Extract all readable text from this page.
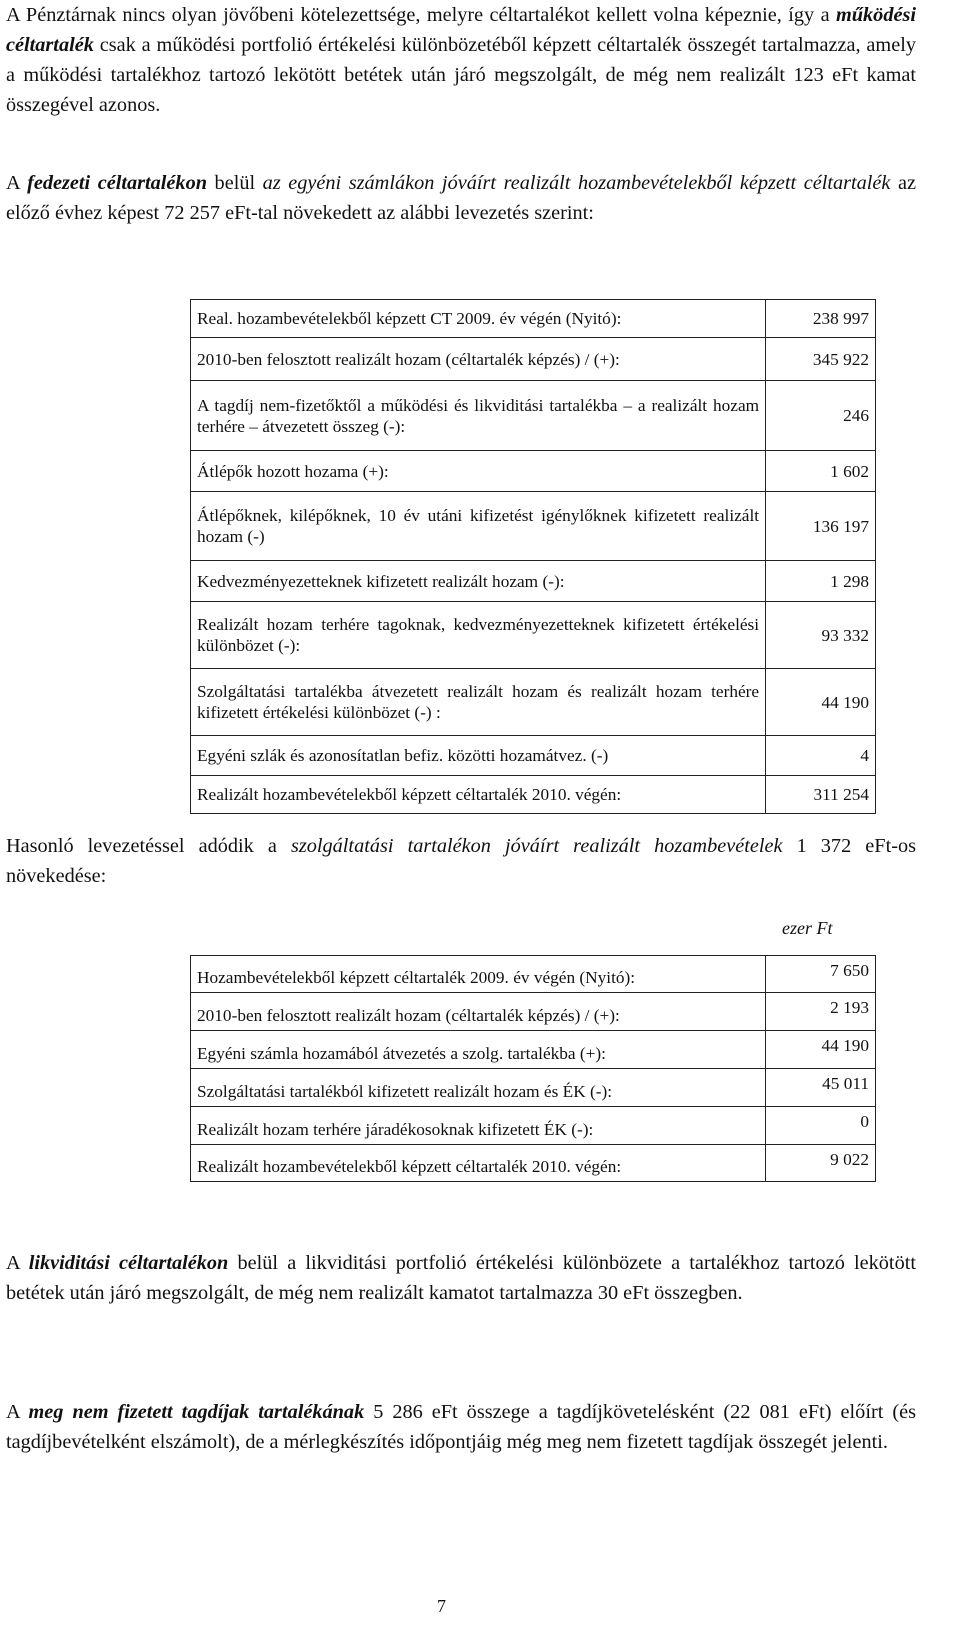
A Pénztárnak nincs olyan jövőbeni kötelezettsége, melyre céltartalékot kellett volna képeznie, így a működési céltartalék csak a működési portfolió értékelési különbözetéből képzett céltartalék összegét tartalmazza, amely a működési tartalékhoz tartozó lekötött betétek után járó megszolgált, de még nem realizált 123 eFt kamat összegével azonos.

A fedezeti céltartalékon belül az egyéni számlákon jóváírt realizált hozambevételekből képzett céltartalék az előző évhez képest 72 257 eFt-tal növekedett az alábbi levezetés szerint:

Real. hozambevételekből képzett CT 2009. év végén (Nyitó):	238 997
2010-ben felosztott realizált hozam (céltartalék képzés) / (+):	345 922
A tagdíj nem-fizetőktől a működési és likviditási tartalékba – a realizált hozam terhére – átvezetett összeg (-):	246
Átlépők hozott hozama (+):	1 602
Átlépőknek, kilépőknek, 10 év utáni kifizetést igénylőknek kifizetett realizált hozam (-)	136 197
Kedvezményezetteknek kifizetett realizált hozam (-):	1 298
Realizált hozam terhére tagoknak, kedvezményezetteknek kifizetett értékelési különbözet (-):	93 332
Szolgáltatási tartalékba átvezetett realizált hozam és realizált hozam terhére kifizetett értékelési különbözet (-) :	44 190
Egyéni szlák és azonosítatlan befiz. közötti hozamátvez. (-)	4
Realizált hozambevételekből képzett céltartalék 2010. végén:	311 254

Hasonló levezetéssel adódik a szolgáltatási tartalékon jóváírt realizált hozambevételek 1 372 eFt-os növekedése:

ezer Ft
Hozambevételekből képzett céltartalék 2009. év végén (Nyitó):	7 650
2010-ben felosztott realizált hozam (céltartalék képzés) / (+):	2 193
Egyéni számla hozamából átvezetés a szolg. tartalékba (+):	44 190
Szolgáltatási tartalékból kifizetett realizált hozam és ÉK (-):	45 011
Realizált hozam terhére járadékosoknak kifizetett ÉK (-):	0
Realizált hozambevételekből képzett céltartalék 2010. végén:	9 022

A likviditási céltartalékon belül a likviditási portfolió értékelési különbözete a tartalékhoz tartozó lekötött betétek után járó megszolgált, de még nem realizált kamatot tartalmazza 30 eFt összegben.

A meg nem fizetett tagdíjak tartalékának 5 286 eFt összege a tagdíjkövetelésként (22 081 eFt) előírt (és tagdíjbevételként elszámolt), de a mérlegkészítés időpontjáig még meg nem fizetett tagdíjak összegét jelenti.

7
